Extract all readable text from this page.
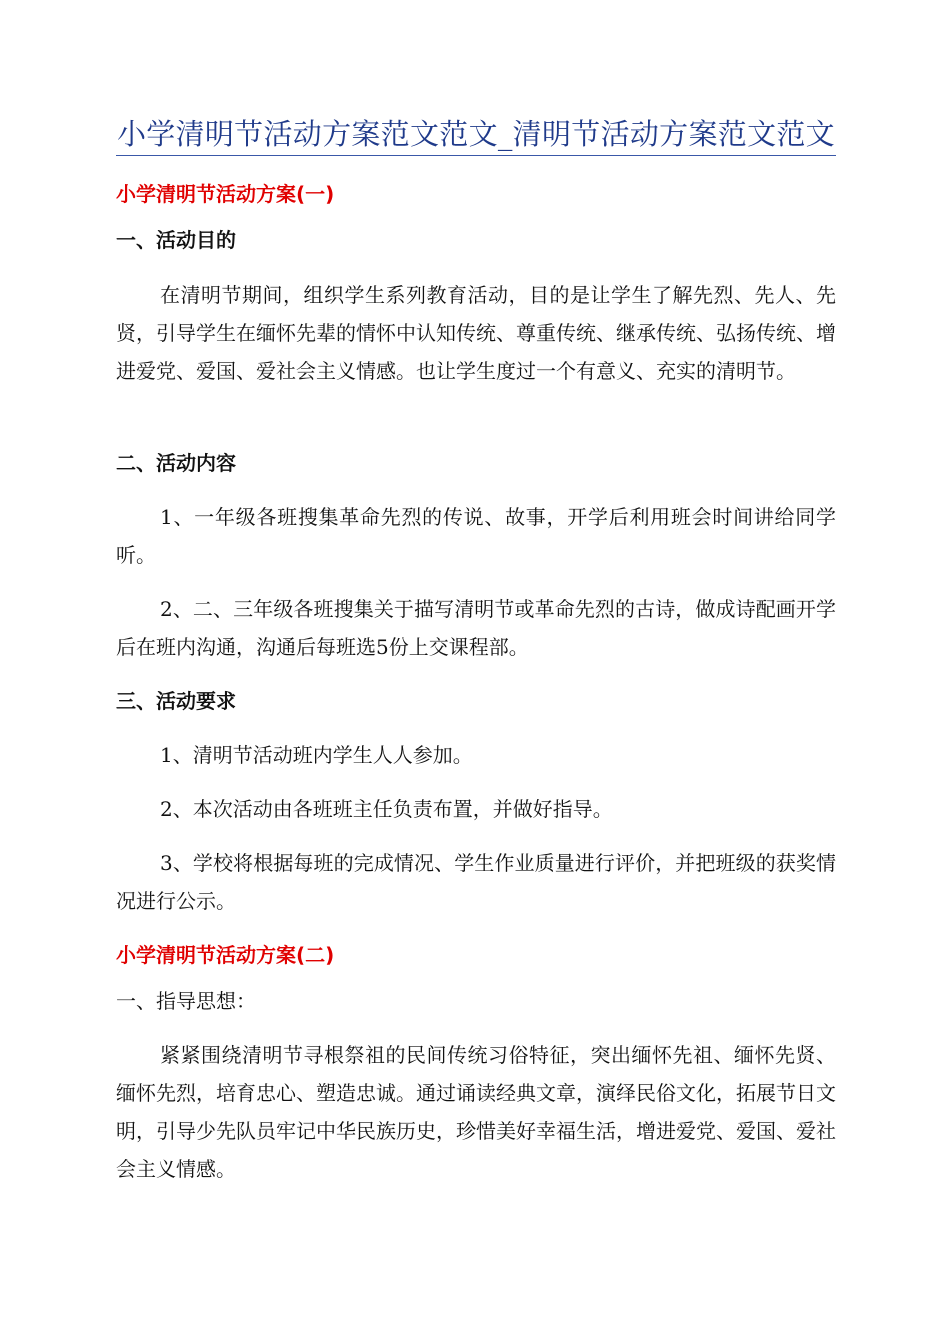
小学清明节活动方案范文范文_清明节活动方案范文范文
小学清明节活动方案(一)
一、活动目的

在清明节期间，组织学生系列教育活动，目的是让学生了解先烈、先人、先贤，引导学生在缅怀先辈的情怀中认知传统、尊重传统、继承传统、弘扬传统、增进爱党、爱国、爱社会主义情感。也让学生度过一个有意义、充实的清明节。

二、活动内容

1、一年级各班搜集革命先烈的传说、故事，开学后利用班会时间讲给同学听。

2、二、三年级各班搜集关于描写清明节或革命先烈的古诗，做成诗配画开学后在班内沟通，沟通后每班选5份上交课程部。

三、活动要求

1、清明节活动班内学生人人参加。

2、本次活动由各班班主任负责布置，并做好指导。

3、学校将根据每班的完成情况、学生作业质量进行评价，并把班级的获奖情况进行公示。

小学清明节活动方案(二)
一、指导思想：

紧紧围绕清明节寻根祭祖的民间传统习俗特征，突出缅怀先祖、缅怀先贤、缅怀先烈，培育忠心、塑造忠诚。通过诵读经典文章，演绎民俗文化，拓展节日文明，引导少先队员牢记中华民族历史，珍惜美好幸福生活，增进爱党、爱国、爱社会主义情感。
